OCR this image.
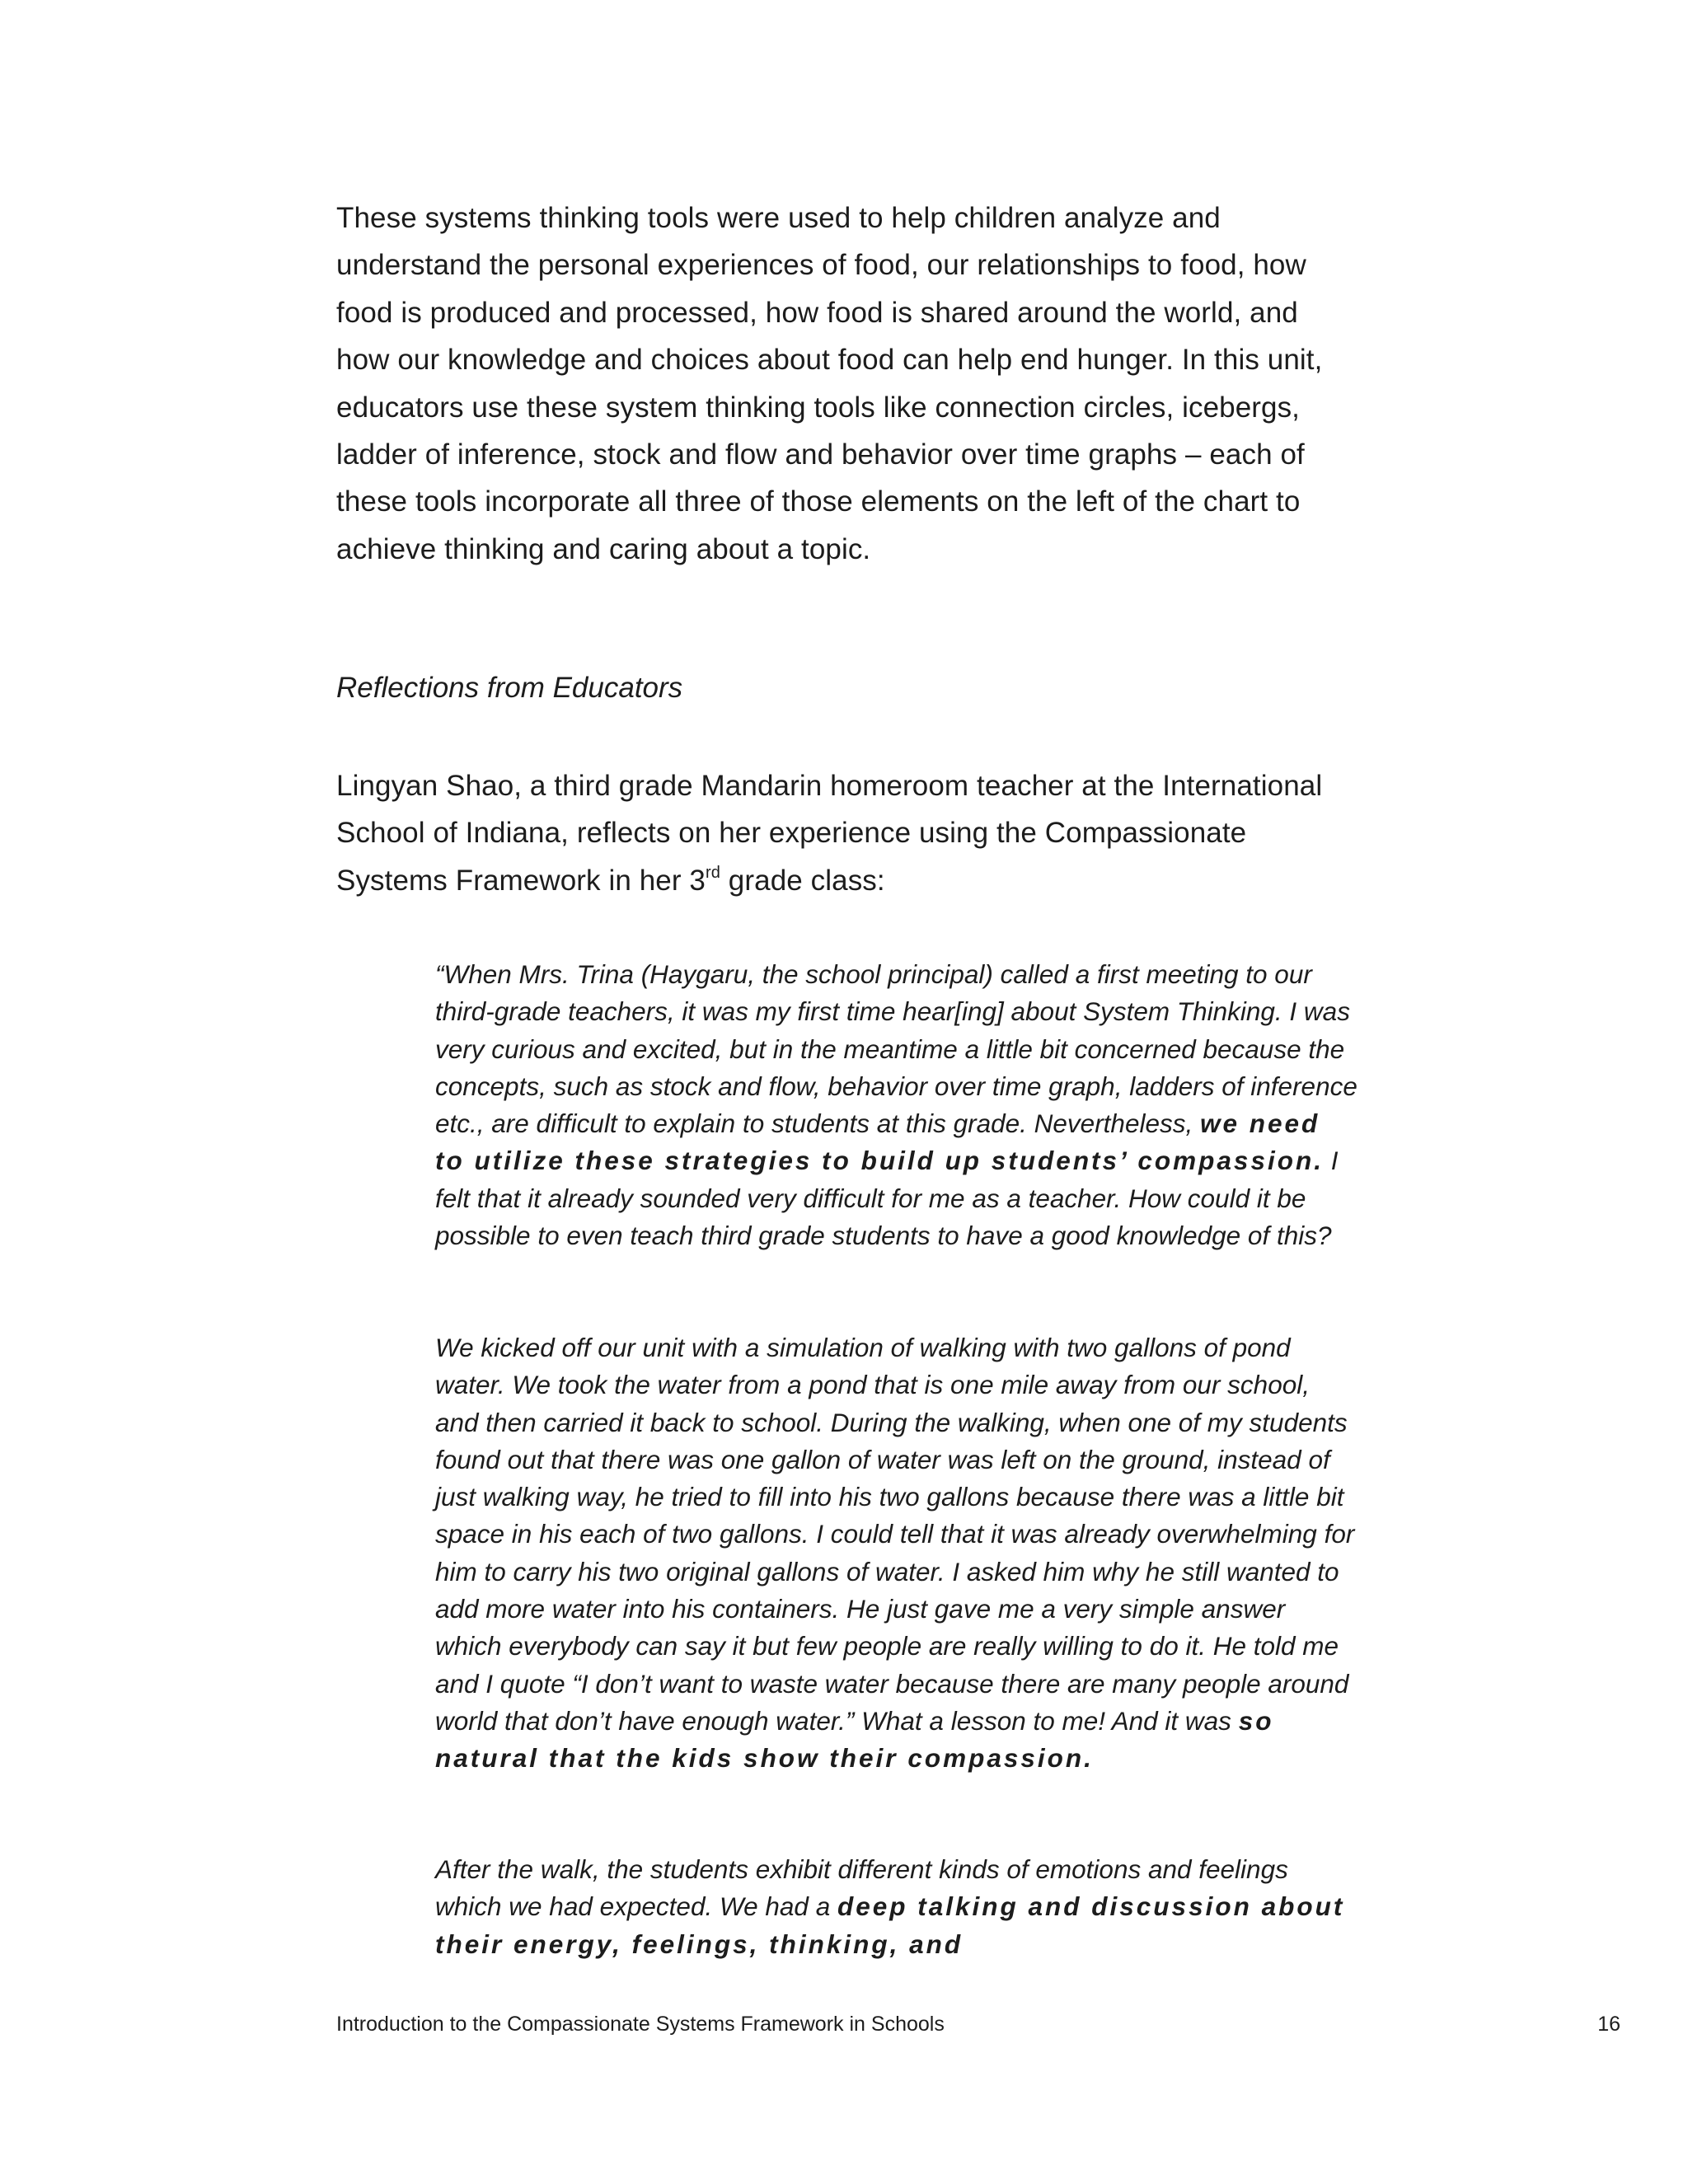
These systems thinking tools were used to help children analyze and understand the personal experiences of food, our relationships to food, how food is produced and processed, how food is shared around the world, and how our knowledge and choices about food can help end hunger. In this unit, educators use these system thinking tools like connection circles, icebergs, ladder of inference, stock and flow and behavior over time graphs – each of these tools incorporate all three of those elements on the left of the chart to achieve thinking and caring about a topic.

Reflections from Educators

Lingyan Shao, a third grade Mandarin homeroom teacher at the International School of Indiana, reflects on her experience using the Compassionate Systems Framework in her 3rd grade class:

“When Mrs. Trina (Haygaru, the school principal) called a first meeting to our third-grade teachers, it was my first time hear[ing] about System Thinking. I was very curious and excited, but in the meantime a little bit concerned because the concepts, such as stock and flow, behavior over time graph, ladders of inference etc., are difficult to explain to students at this grade. Nevertheless, we need to utilize these strategies to build up students’ compassion. I felt that it already sounded very difficult for me as a teacher. How could it be possible to even teach third grade students to have a good knowledge of this?

We kicked off our unit with a simulation of walking with two gallons of pond water. We took the water from a pond that is one mile away from our school, and then carried it back to school. During the walking, when one of my students found out that there was one gallon of water was left on the ground, instead of just walking way, he tried to fill into his two gallons because there was a little bit space in his each of two gallons. I could tell that it was already overwhelming for him to carry his two original gallons of water. I asked him why he still wanted to add more water into his containers. He just gave me a very simple answer which everybody can say it but few people are really willing to do it. He told me and I quote “I don’t want to waste water because there are many people around world that don’t have enough water.” What a lesson to me! And it was so natural that the kids show their compassion.

After the walk, the students exhibit different kinds of emotions and feelings which we had expected. We had a deep talking and discussion about their energy, feelings, thinking, and

Introduction to the Compassionate Systems Framework in Schools	16
